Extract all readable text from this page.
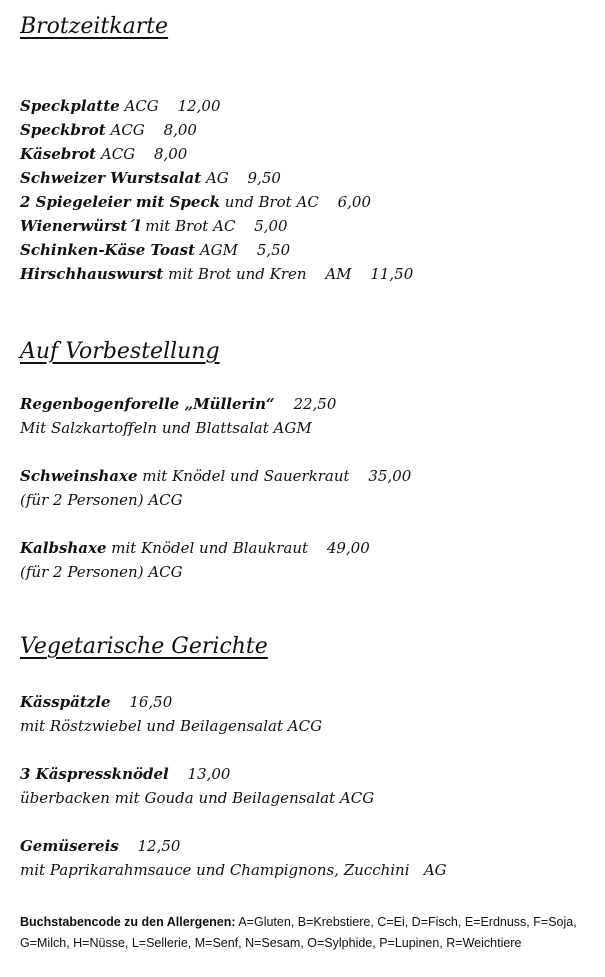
Brotzeitkarte
Speckplatte ACG 12,00
Speckbrot ACG 8,00
Käsebrot ACG 8,00
Schweizer Wurstsalat AG 9,50
2 Spiegeleier mit Speck und Brot AC 6,00
Wienerwürst´l mit Brot AC 5,00
Schinken-Käse Toast AGM 5,50
Hirschhauswurst mit Brot und Kren AM 11,50
Auf Vorbestellung
Regenbogenforelle „Müllerin“ 22,50
Mit Salzkartoffeln und Blattsalat AGM
Schweinshaxe mit Knödel und Sauerkraut 35,00
(für 2 Personen) ACG
Kalbshaxe mit Knödel und Blaukraut 49,00
(für 2 Personen) ACG
Vegetarische Gerichte
Kässpätzle 16,50
mit Röstzwiebel und Beilagensalat ACG
3 Käspressknödel 13,00
überbacken mit Gouda und Beilagensalat ACG
Gemüsereis 12,50
mit Paprikarahmsauce und Champignons, Zucchini   AG
Buchstabencode zu den Allergenen: A=Gluten, B=Krebstiere, C=Ei, D=Fisch, E=Erdnuss, F=Soja, G=Milch, H=Nüsse, L=Sellerie, M=Senf, N=Sesam, O=Sylphide, P=Lupinen, R=Weichtiere
